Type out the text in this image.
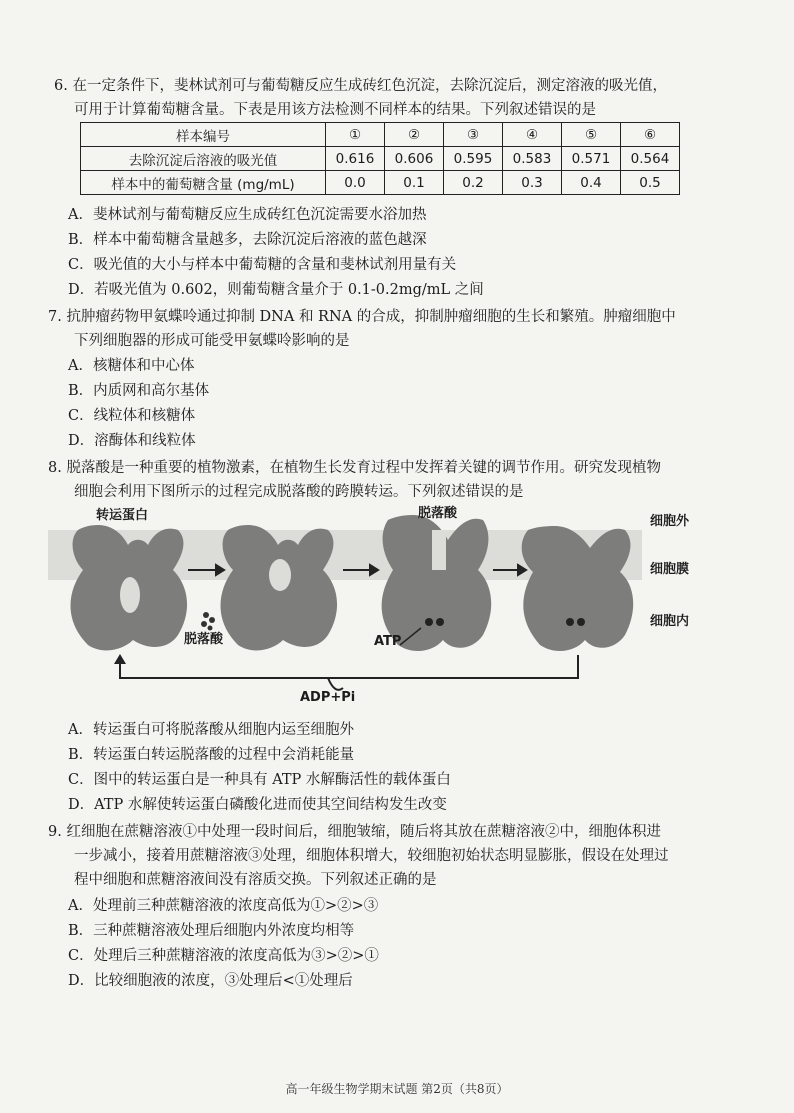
6. 在一定条件下，斐林试剂可与葡萄糖反应生成砖红色沉淀，去除沉淀后，测定溶液的吸光值，
可用于计算葡萄糖含量。下表是用该方法检测不同样本的结果。下列叙述错误的是
样本编号	①	②	③	④	⑤	⑥
去除沉淀后溶液的吸光值	0.616	0.606	0.595	0.583	0.571	0.564
样本中的葡萄糖含量 (mg/mL)	0.0	0.1	0.2	0.3	0.4	0.5
A．斐林试剂与葡萄糖反应生成砖红色沉淀需要水浴加热
B．样本中葡萄糖含量越多，去除沉淀后溶液的蓝色越深
C．吸光值的大小与样本中葡萄糖的含量和斐林试剂用量有关
D．若吸光值为 0.602，则葡萄糖含量介于 0.1-0.2mg/mL 之间
7. 抗肿瘤药物甲氨蝶呤通过抑制 DNA 和 RNA 的合成，抑制肿瘤细胞的生长和繁殖。肿瘤细胞中
下列细胞器的形成可能受甲氨蝶呤影响的是
A．核糖体和中心体
B．内质网和高尔基体
C．线粒体和核糖体
D．溶酶体和线粒体
8. 脱落酸是一种重要的植物激素，在植物生长发育过程中发挥着关键的调节作用。研究发现植物
细胞会利用下图所示的过程完成脱落酸的跨膜转运。下列叙述错误的是
转运蛋白	脱落酸
脱落酸	ATP
ADP+Pi
细胞外
细胞膜
细胞内
A．转运蛋白可将脱落酸从细胞内运至细胞外
B．转运蛋白转运脱落酸的过程中会消耗能量
C．图中的转运蛋白是一种具有 ATP 水解酶活性的载体蛋白
D．ATP 水解使转运蛋白磷酸化进而使其空间结构发生改变
9. 红细胞在蔗糖溶液①中处理一段时间后，细胞皱缩，随后将其放在蔗糖溶液②中，细胞体积进
一步减小，接着用蔗糖溶液③处理，细胞体积增大，较细胞初始状态明显膨胀，假设在处理过
程中细胞和蔗糖溶液间没有溶质交换。下列叙述正确的是
A．处理前三种蔗糖溶液的浓度高低为①>②>③
B．三种蔗糖溶液处理后细胞内外浓度均相等
C．处理后三种蔗糖溶液的浓度高低为③>②>①
D．比较细胞液的浓度，③处理后<①处理后
高一年级生物学期末试题 第2页（共8页）
